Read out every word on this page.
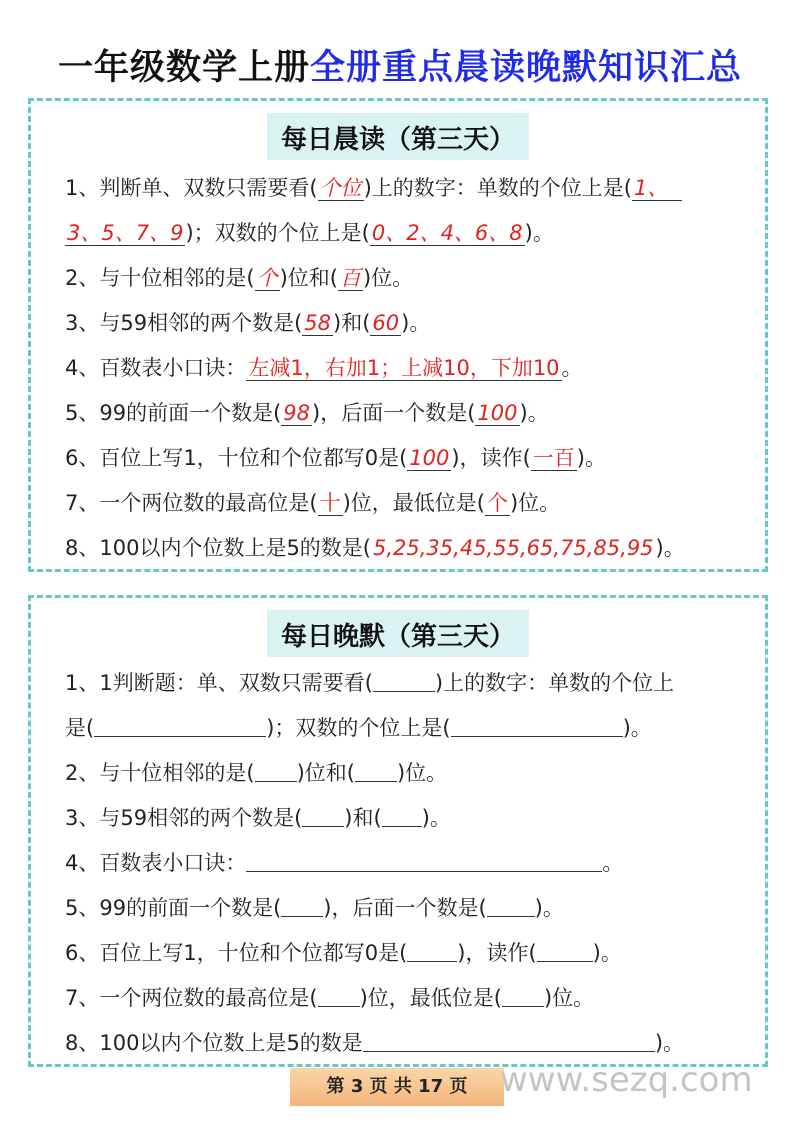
一年级数学上册全册重点晨读晚默知识汇总
每日晨读（第三天）
1、判断单、双数只需要看(个位)上的数字：单数的个位上是(1、
3、5、7、9)；双数的个位上是(0、2、4、6、8)。
2、与十位相邻的是(个)位和(百)位。
3、与59相邻的两个数是(58)和(60)。
4、百数表小口诀：左减1，右加1；上减10，下加10。
5、99的前面一个数是(98)，后面一个数是(100)。
6、百位上写1，十位和个位都写0是(100)，读作(一百)。
7、一个两位数的最高位是(十)位，最低位是(个)位。
8、100以内个位数上是5的数是(5,25,35,45,55,65,75,85,95)。
每日晚默（第三天）
1、1判断题：单、双数只需要看(	)上的数字：单数的个位上
是(	)；双数的个位上是(	)。
2、与十位相邻的是( )位和( )位。
3、与59相邻的两个数是( )和( )。
4、百数表小口诀：	。
5、99的前面一个数是( )，后面一个数是( )。
6、百位上写1，十位和个位都写0是( )，读作(	)。
7、一个两位数的最高位是( )位，最低位是( )位。
8、100以内个位数上是5的数是	)。
第 3 页 共 17 页 www.sezq.com
